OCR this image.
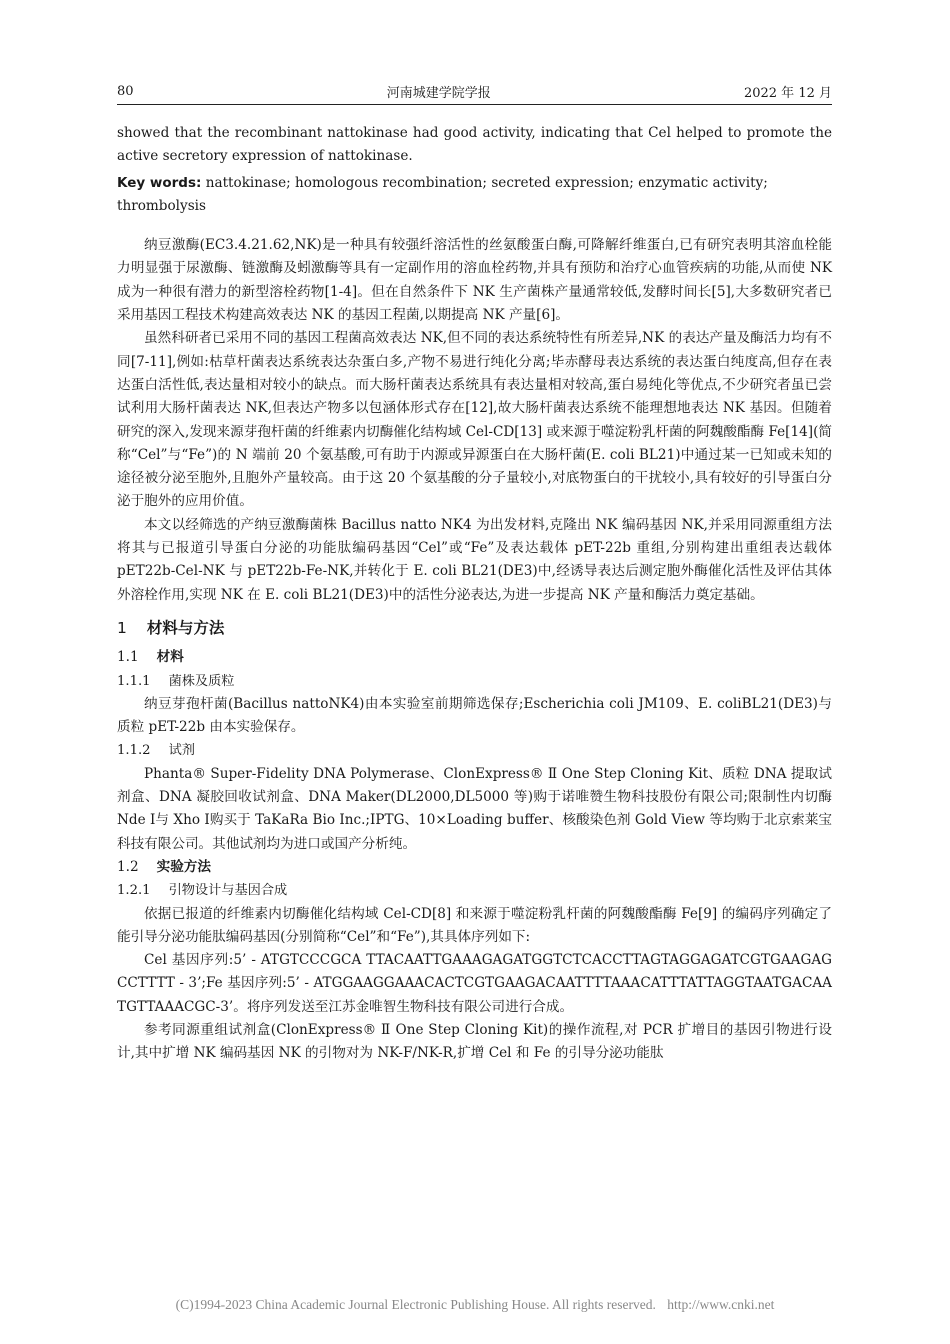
80	河南城建学院学报	2022 年 12 月

showed that the recombinant nattokinase had good activity, indicating that Cel helped to promote the active secretory expression of nattokinase.

Key words: nattokinase; homologous recombination; secreted expression; enzymatic activity; thrombolysis

纳豆激酶(EC3.4.21.62,NK)是一种具有较强纤溶活性的丝氨酸蛋白酶,可降解纤维蛋白,已有研究表明其溶血栓能力明显强于尿激酶、链激酶及蚓激酶等具有一定副作用的溶血栓药物,并具有预防和治疗心血管疾病的功能,从而使 NK 成为一种很有潜力的新型溶栓药物[1-4]。但在自然条件下 NK 生产菌株产量通常较低,发酵时间长[5],大多数研究者已采用基因工程技术构建高效表达 NK 的基因工程菌,以期提高 NK 产量[6]。

虽然科研者已采用不同的基因工程菌高效表达 NK,但不同的表达系统特性有所差异,NK 的表达产量及酶活力均有不同[7-11],例如:枯草杆菌表达系统表达杂蛋白多,产物不易进行纯化分离;毕赤酵母表达系统的表达蛋白纯度高,但存在表达蛋白活性低,表达量相对较小的缺点。而大肠杆菌表达系统具有表达量相对较高,蛋白易纯化等优点,不少研究者虽已尝试利用大肠杆菌表达 NK,但表达产物多以包涵体形式存在[12],故大肠杆菌表达系统不能理想地表达 NK 基因。但随着研究的深入,发现来源芽孢杆菌的纤维素内切酶催化结构域 Cel-CD[13] 或来源于噬淀粉乳杆菌的阿魏酸酯酶 Fe[14](简称“Cel”与“Fe”)的 N 端前 20 个氨基酸,可有助于内源或异源蛋白在大肠杆菌(E. coli BL21)中通过某一已知或未知的途径被分泌至胞外,且胞外产量较高。由于这 20 个氨基酸的分子量较小,对底物蛋白的干扰较小,具有较好的引导蛋白分泌于胞外的应用价值。

本文以经筛选的产纳豆激酶菌株 Bacillus natto NK4 为出发材料,克隆出 NK 编码基因 NK,并采用同源重组方法将其与已报道引导蛋白分泌的功能肽编码基因“Cel”或“Fe”及表达载体 pET-22b 重组,分别构建出重组表达载体 pET22b-Cel-NK 与 pET22b-Fe-NK,并转化于 E. coli BL21(DE3)中,经诱导表达后测定胞外酶催化活性及评估其体外溶栓作用,实现 NK 在 E. coli BL21(DE3)中的活性分泌表达,为进一步提高 NK 产量和酶活力奠定基础。

1 材料与方法
1.1 材料
1.1.1 菌株及质粒

纳豆芽孢杆菌(Bacillus nattoNK4)由本实验室前期筛选保存;Escherichia coli JM109、E. coliBL21(DE3)与质粒 pET-22b 由本实验保存。

1.1.2 试剂

Phanta® Super-Fidelity DNA Polymerase、ClonExpress® Ⅱ One Step Cloning Kit、质粒 DNA 提取试剂盒、DNA 凝胶回收试剂盒、DNA Maker(DL2000,DL5000 等)购于诺唯赞生物科技股份有限公司;限制性内切酶 Nde Ⅰ与 Xho Ⅰ购买于 TaKaRa Bio Inc.;IPTG、10×Loading buffer、核酸染色剂 Gold View 等均购于北京索莱宝科技有限公司。其他试剂均为进口或国产分析纯。

1.2 实验方法
1.2.1 引物设计与基因合成

依据已报道的纤维素内切酶催化结构域 Cel-CD[8] 和来源于噬淀粉乳杆菌的阿魏酸酯酶 Fe[9] 的编码序列确定了能引导分泌功能肽编码基因(分别简称“Cel”和“Fe”),其具体序列如下:

Cel 基因序列:5’ - ATGTCCCGCA TTACAATTGAAAGAGATGGTCTCACCTTAGTAGGAGATCGTGAAGAGCCTTTT - 3’;Fe 基因序列:5’ - ATGGAAGGAAACACTCGTGAAGACAATTTTAAACATTTATTAGGTAATGACAATGTTAAACGC-3’。将序列发送至江苏金唯智生物科技有限公司进行合成。

参考同源重组试剂盒(ClonExpress® Ⅱ One Step Cloning Kit)的操作流程,对 PCR 扩增目的基因引物进行设计,其中扩增 NK 编码基因 NK 的引物对为 NK-F/NK-R,扩增 Cel 和 Fe 的引导分泌功能肽

(C)1994-2023 China Academic Journal Electronic Publishing House. All rights reserved. http://www.cnki.net
